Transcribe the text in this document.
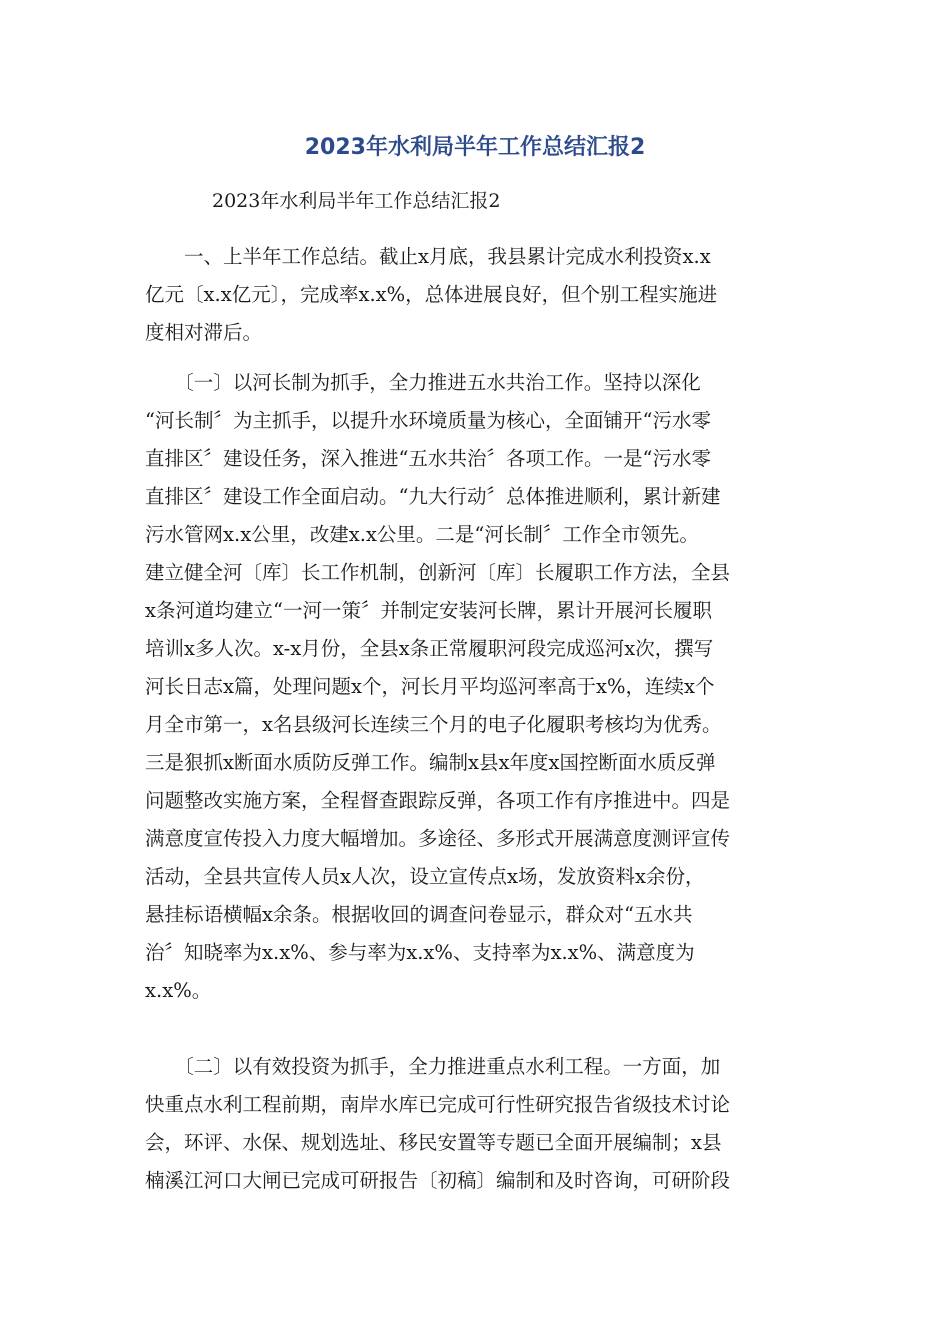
2023年水利局半年工作总结汇报2
2023年水利局半年工作总结汇报2
　　一、上半年工作总结。截止x月底，我县累计完成水利投资x.x
亿元〔x.x亿元〕，完成率x.x%，总体进展良好，但个别工程实施进
度相对滞后。
　　〔一〕以河长制为抓手，全力推进五水共治工作。坚持以深化
“河长制〞为主抓手，以提升水环境质量为核心，全面铺开“污水零
直排区〞建设任务，深入推进“五水共治〞各项工作。一是“污水零
直排区〞建设工作全面启动。“九大行动〞总体推进顺利，累计新建
污水管网x.x公里，改建x.x公里。二是“河长制〞工作全市领先。
建立健全河〔库〕长工作机制，创新河〔库〕长履职工作方法，全县
x条河道均建立“一河一策〞并制定安装河长牌，累计开展河长履职
培训x多人次。x-x月份，全县x条正常履职河段完成巡河x次，撰写
河长日志x篇，处理问题x个，河长月平均巡河率高于x%，连续x个
月全市第一，x名县级河长连续三个月的电子化履职考核均为优秀。
三是狠抓x断面水质防反弹工作。编制x县x年度x国控断面水质反弹
问题整改实施方案，全程督查跟踪反弹，各项工作有序推进中。四是
满意度宣传投入力度大幅增加。多途径、多形式开展满意度测评宣传
活动，全县共宣传人员x人次，设立宣传点x场，发放资料x余份，
悬挂标语横幅x余条。根据收回的调查问卷显示，群众对“五水共
治〞知晓率为x.x%、参与率为x.x%、支持率为x.x%、满意度为
x.x%。
　　〔二〕以有效投资为抓手，全力推进重点水利工程。一方面，加
快重点水利工程前期，南岸水库已完成可行性研究报告省级技术讨论
会，环评、水保、规划选址、移民安置等专题已全面开展编制；x县
楠溪江河口大闸已完成可研报告〔初稿〕编制和及时咨询，可研阶段
